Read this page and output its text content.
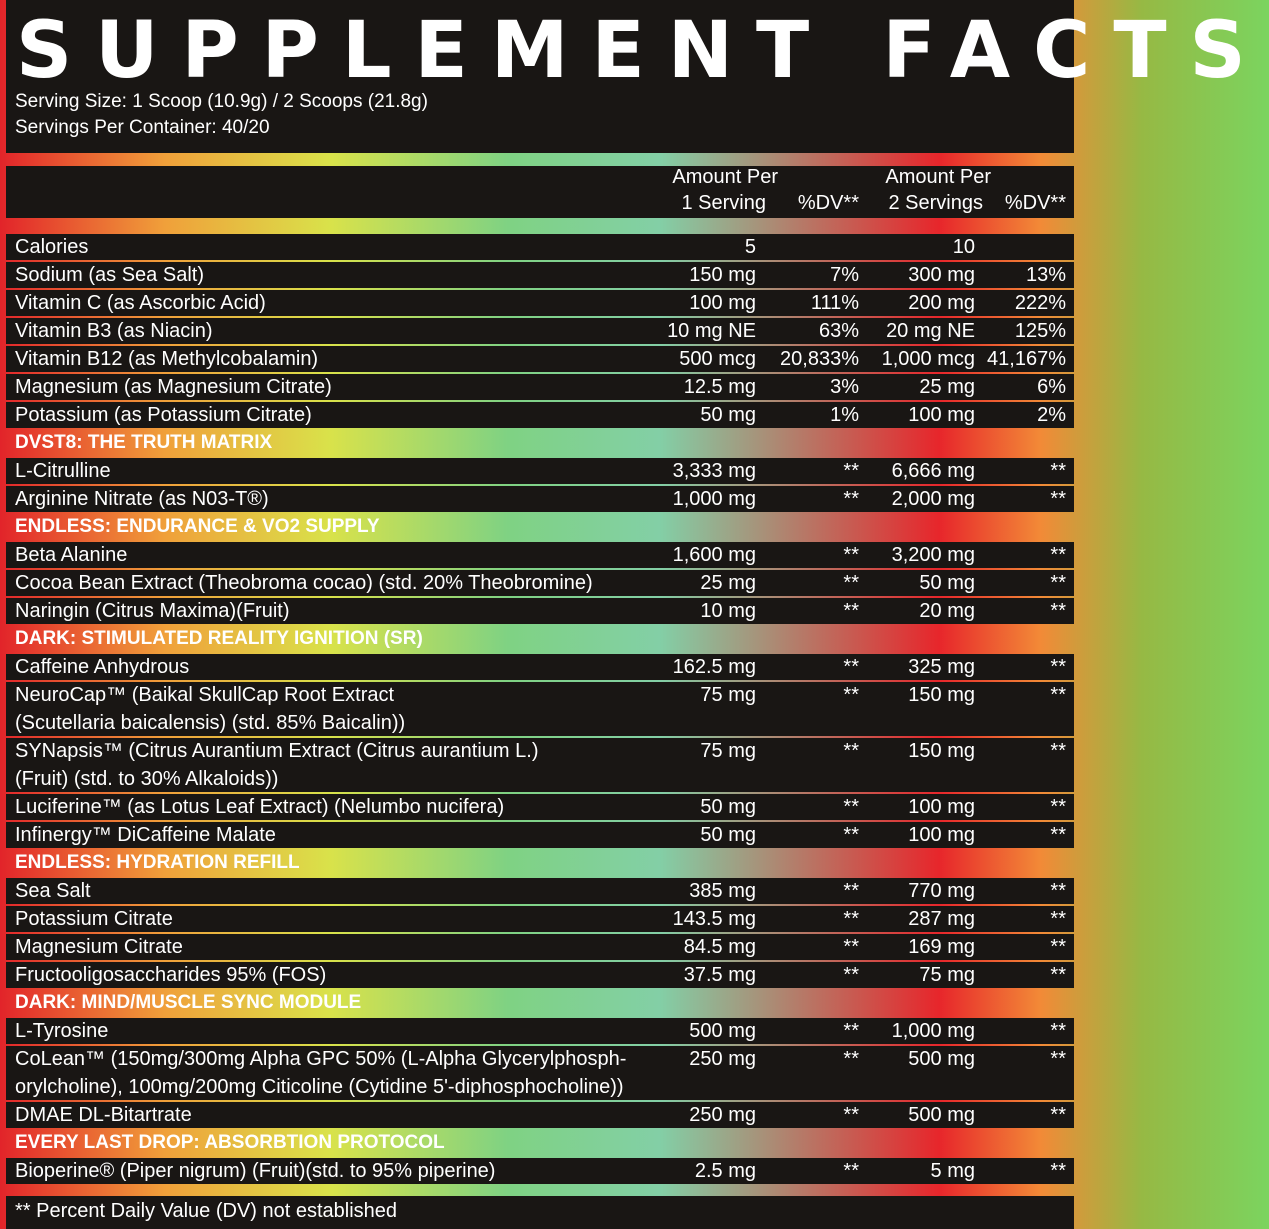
SUPPLEMENT FACTS
Serving Size: 1 Scoop (10.9g) / 2 Scoops (21.8g)
Servings Per Container: 40/20
Amount Per
1 Serving %DV**
Amount Per
2 Servings %DV**
Calories	5	10
Sodium (as Sea Salt)	150 mg	7% 300 mg	13%
Vitamin C (as Ascorbic Acid)	100 mg	111% 200 mg 222%
Vitamin B3 (as Niacin)	10 mg NE	63% 20 mg NE 125%
Vitamin B12 (as Methylcobalamin)	500 mcg 20,833% 1,000 mcg 41,167%
Magnesium (as Magnesium Citrate)	12.5 mg	3%	25 mg	6%
Potassium (as Potassium Citrate)	50 mg	1% 100 mg	2%
DVST8: THE TRUTH MATRIX
L-Citrulline	3,333 mg	** 6,666 mg	**
Arginine Nitrate (as N03-T®)	1,000 mg	** 2,000 mg	**
ENDLESS: ENDURANCE & VO2 SUPPLY
Beta Alanine	1,600 mg	** 3,200 mg	**
Cocoa Bean Extract (Theobroma cocao) (std. 20% Theobromine)	25 mg	**	50 mg	**
Naringin (Citrus Maxima)(Fruit)	10 mg	**	20 mg	**
DARK: STIMULATED REALITY IGNITION (SR)
Caffeine Anhydrous	162.5 mg	** 325 mg	**
NeuroCap™ (Baikal SkullCap Root Extract
(Scutellaria baicalensis) (std. 85% Baicalin))
75 mg	** 150 mg	**
SYNapsis™ (Citrus Aurantium Extract (Citrus aurantium L.)
(Fruit) (std. to 30% Alkaloids))
75 mg	** 150 mg	**
Luciferine™ (as Lotus Leaf Extract) (Nelumbo nucifera)	50 mg	** 100 mg	**
Infinergy™ DiCaffeine Malate	50 mg	** 100 mg	**
ENDLESS: HYDRATION REFILL
Sea Salt	385 mg	** 770 mg	**
Potassium Citrate	143.5 mg	** 287 mg	**
Magnesium Citrate	84.5 mg	** 169 mg	**
Fructooligosaccharides 95% (FOS)	37.5 mg	**	75 mg	**
DARK: MIND/MUSCLE SYNC MODULE
L-Tyrosine	500 mg	** 1,000 mg	**
CoLean™ (150mg/300mg Alpha GPC 50% (L-Alpha Glycerylphosph-
orylcholine), 100mg/200mg Citicoline (Cytidine 5'-diphosphocholine))
250 mg	** 500 mg	**
DMAE DL-Bitartrate	250 mg	** 500 mg	**
EVERY LAST DROP: ABSORBTION PROTOCOL
Bioperine® (Piper nigrum) (Fruit)(std. to 95% piperine)	2.5 mg	**	5 mg	**
** Percent Daily Value (DV) not established
